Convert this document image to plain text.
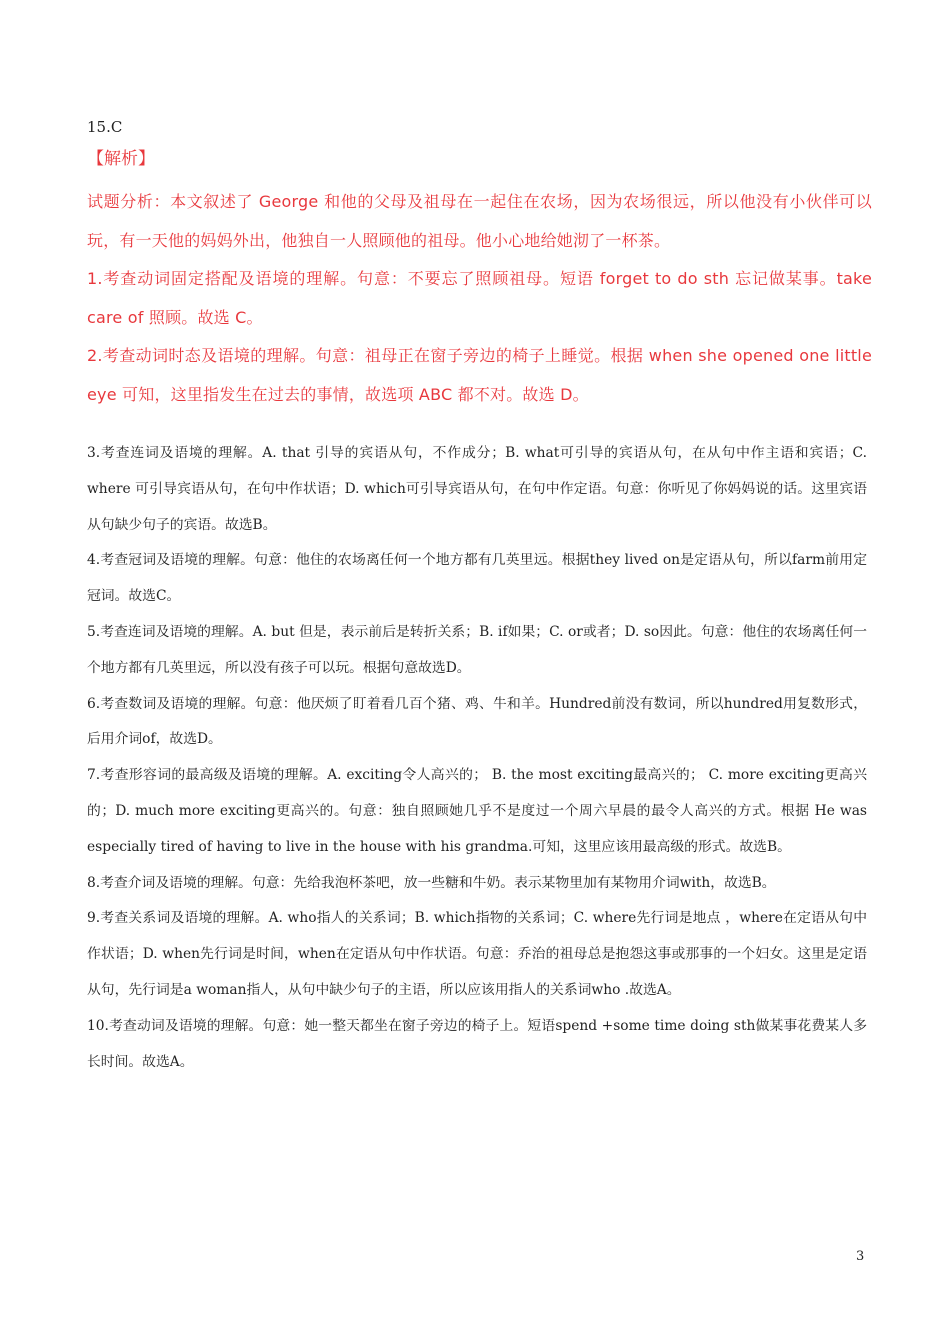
15.C
【解析】

试题分析：本文叙述了 George 和他的父母及祖母在一起住在农场，因为农场很远，所以他没有小伙伴可以玩，有一天他的妈妈外出，他独自一人照顾他的祖母。他小心地给她沏了一杯茶。

1.考查动词固定搭配及语境的理解。句意：不要忘了照顾祖母。短语 forget to do sth 忘记做某事。take care of 照顾。故选 C。

2.考查动词时态及语境的理解。句意：祖母正在窗子旁边的椅子上睡觉。根据 when she opened one little eye 可知，这里指发生在过去的事情，故选项 ABC 都不对。故选 D。

3.考查连词及语境的理解。A. that 引导的宾语从句，不作成分；B. what可引导的宾语从句，在从句中作主语和宾语；C. where 可引导宾语从句，在句中作状语；D. which可引导宾语从句，在句中作定语。句意：你听见了你妈妈说的话。这里宾语从句缺少句子的宾语。故选B。

4.考查冠词及语境的理解。句意：他住的农场离任何一个地方都有几英里远。根据they lived on是定语从句，所以farm前用定冠词。故选C。

5.考查连词及语境的理解。A. but 但是，表示前后是转折关系；B. if如果；C. or或者；D. so因此。句意：他住的农场离任何一个地方都有几英里远，所以没有孩子可以玩。根据句意故选D。

6.考查数词及语境的理解。句意：他厌烦了盯着看几百个猪、鸡、牛和羊。Hundred前没有数词，所以hundred用复数形式，后用介词of，故选D。

7.考查形容词的最高级及语境的理解。A. exciting令人高兴的； B. the most exciting最高兴的； C. more exciting更高兴的；D. much more exciting更高兴的。句意：独自照顾她几乎不是度过一个周六早晨的最令人高兴的方式。根据 He was especially tired of having to live in the house with his grandma.可知，这里应该用最高级的形式。故选B。

8.考查介词及语境的理解。句意：先给我泡杯茶吧，放一些糖和牛奶。表示某物里加有某物用介词with，故选B。

9.考查关系词及语境的理解。A. who指人的关系词；B. which指物的关系词；C. where先行词是地点 ，where在定语从句中作状语；D. when先行词是时间，when在定语从句中作状语。句意：乔治的祖母总是抱怨这事或那事的一个妇女。这里是定语从句，先行词是a woman指人，从句中缺少句子的主语，所以应该用指人的关系词who .故选A。

10.考查动词及语境的理解。句意：她一整天都坐在窗子旁边的椅子上。短语spend +some time doing sth做某事花费某人多长时间。故选A。

3
